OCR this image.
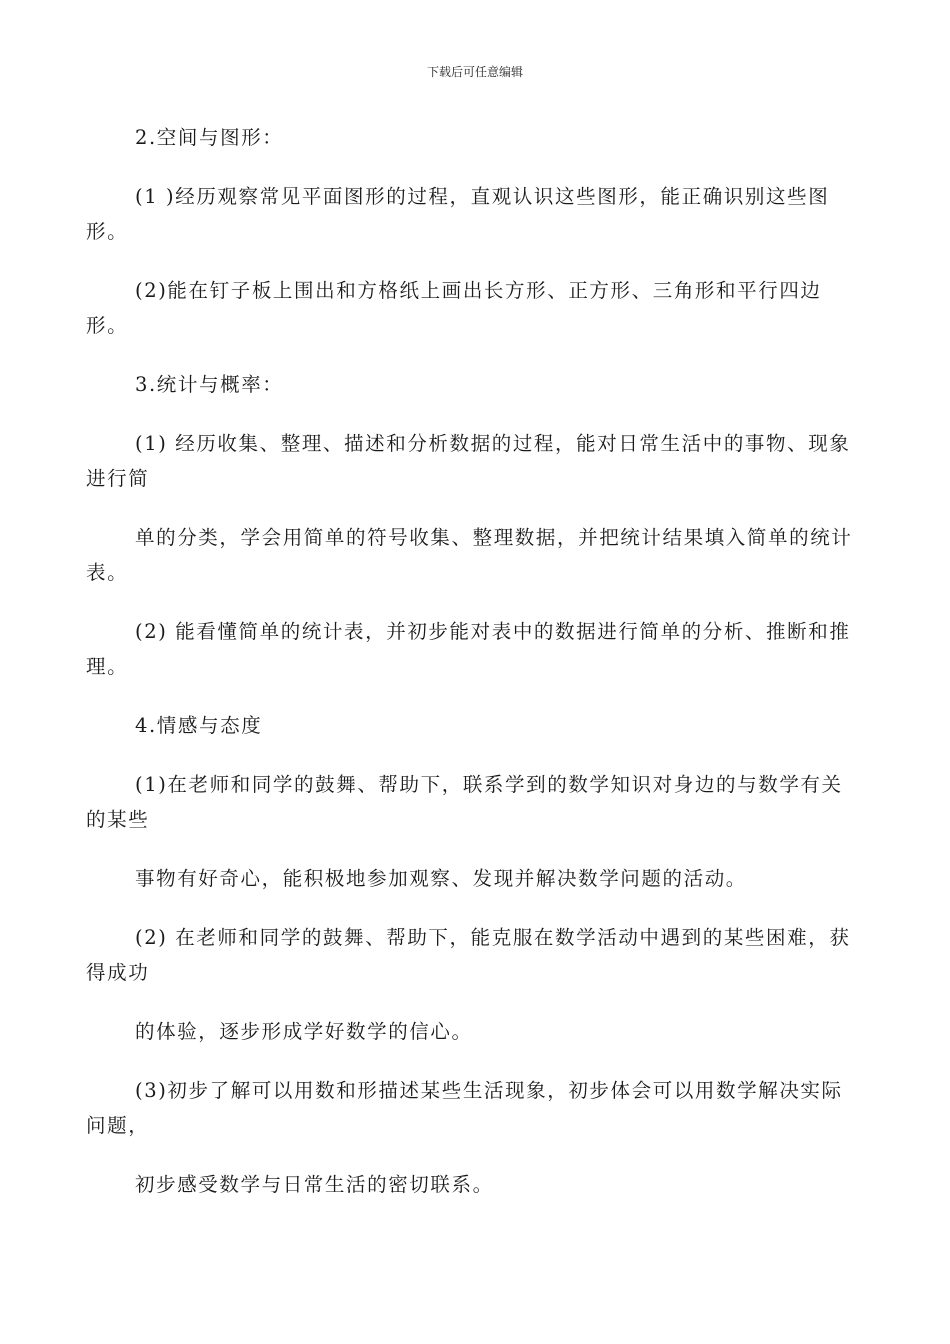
下载后可任意编辑

2.空间与图形：

(1 )经历观察常见平面图形的过程，直观认识这些图形，能正确识别这些图形。

(2)能在钉子板上围出和方格纸上画出长方形、正方形、三角形和平行四边形。

3.统计与概率：

(1) 经历收集、整理、描述和分析数据的过程，能对日常生活中的事物、现象进行简

单的分类，学会用简单的符号收集、整理数据，并把统计结果填入简单的统计表。

(2) 能看懂简单的统计表，并初步能对表中的数据进行简单的分析、推断和推理。

4.情感与态度

(1)在老师和同学的鼓舞、帮助下，联系学到的数学知识对身边的与数学有关的某些

事物有好奇心，能积极地参加观察、发现并解决数学问题的活动。

(2) 在老师和同学的鼓舞、帮助下，能克服在数学活动中遇到的某些困难，获得成功

的体验，逐步形成学好数学的信心。

(3)初步了解可以用数和形描述某些生活现象，初步体会可以用数学解决实际问题，

初步感受数学与日常生活的密切联系。
